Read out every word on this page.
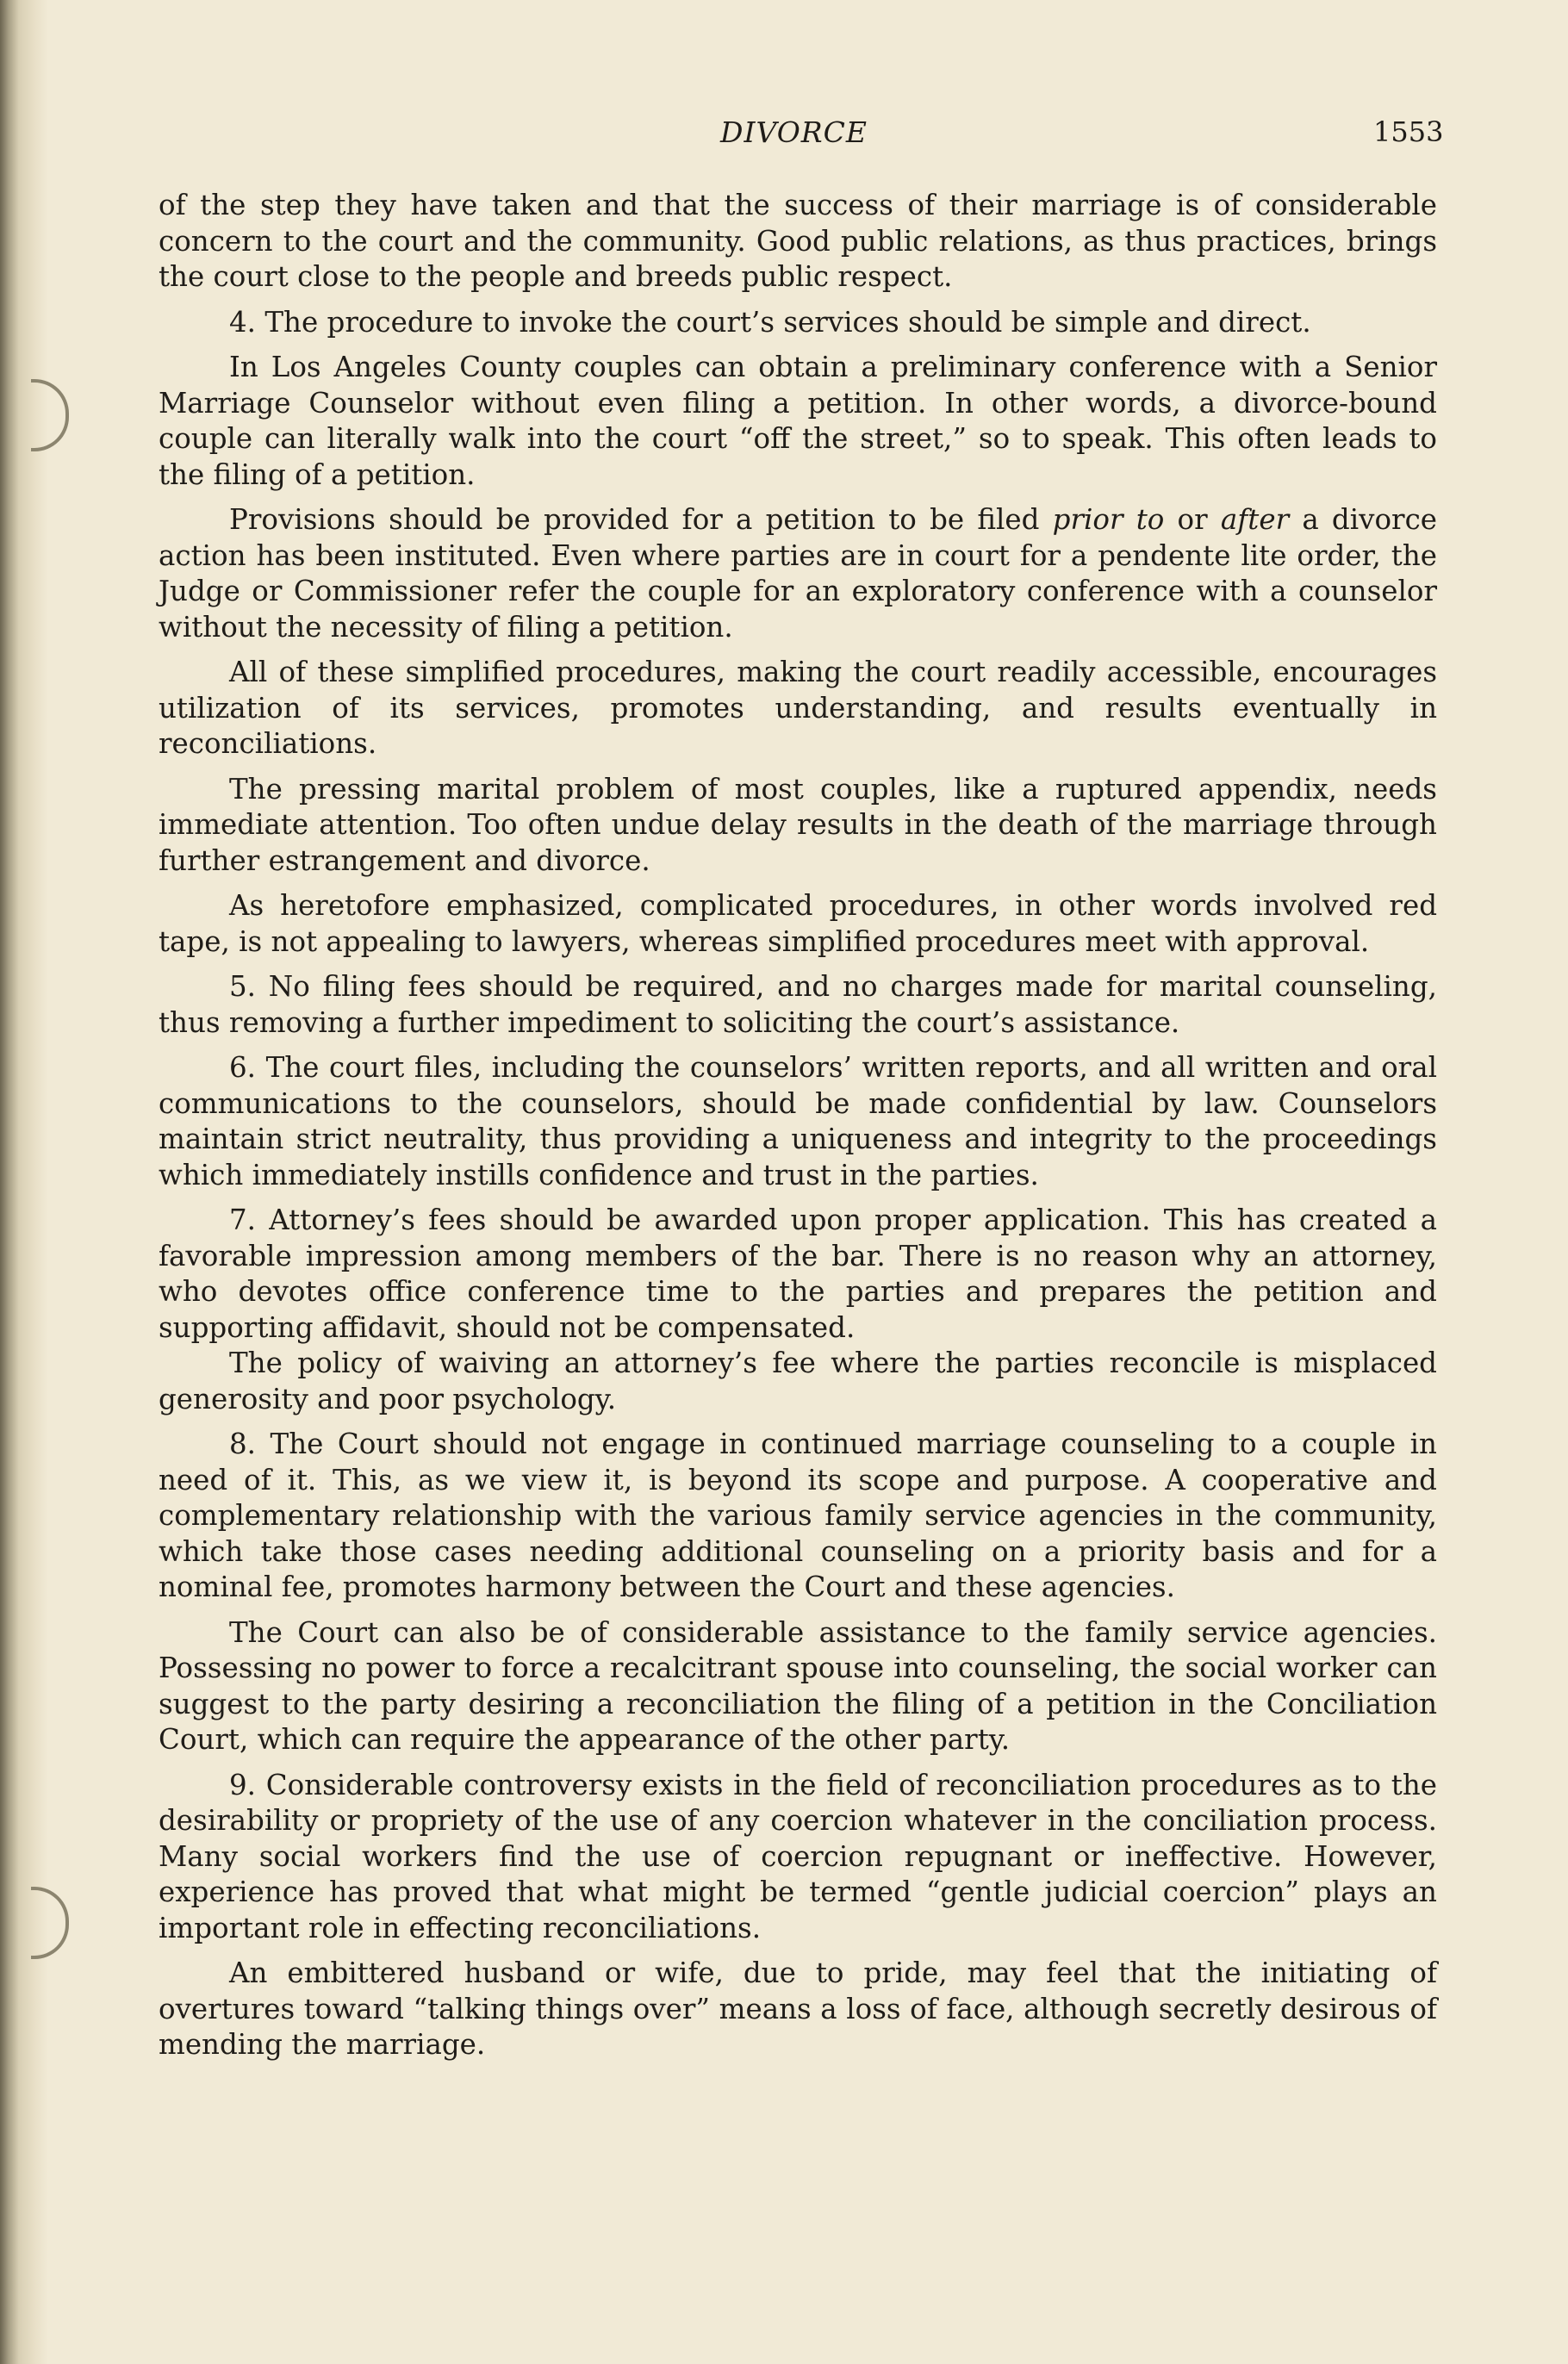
DIVORCE	1553

of the step they have taken and that the success of their marriage is of considerable concern to the court and the community. Good public relations, as thus practices, brings the court close to the people and breeds public respect.

4. The procedure to invoke the court’s services should be simple and direct.

In Los Angeles County couples can obtain a preliminary conference with a Senior Marriage Counselor without even filing a petition. In other words, a divorce-bound couple can literally walk into the court “off the street,” so to speak. This often leads to the filing of a petition.

Provisions should be provided for a petition to be filed prior to or after a divorce action has been instituted. Even where parties are in court for a pendente lite order, the Judge or Commissioner refer the couple for an exploratory conference with a counselor without the necessity of filing a petition.

All of these simplified procedures, making the court readily accessible, encourages utilization of its services, promotes understanding, and results eventually in reconciliations.

The pressing marital problem of most couples, like a ruptured appendix, needs immediate attention. Too often undue delay results in the death of the marriage through further estrangement and divorce.

As heretofore emphasized, complicated procedures, in other words involved red tape, is not appealing to lawyers, whereas simplified procedures meet with approval.

5. No filing fees should be required, and no charges made for marital counseling, thus removing a further impediment to soliciting the court’s assistance.

6. The court files, including the counselors’ written reports, and all written and oral communications to the counselors, should be made confidential by law. Counselors maintain strict neutrality, thus providing a uniqueness and integrity to the proceedings which immediately instills confidence and trust in the parties.

7. Attorney’s fees should be awarded upon proper application. This has created a favorable impression among members of the bar. There is no reason why an attorney, who devotes office conference time to the parties and prepares the petition and supporting affidavit, should not be compensated.

The policy of waiving an attorney’s fee where the parties reconcile is misplaced generosity and poor psychology.

8. The Court should not engage in continued marriage counseling to a couple in need of it. This, as we view it, is beyond its scope and purpose. A cooperative and complementary relationship with the various family service agencies in the community, which take those cases needing additional counseling on a priority basis and for a nominal fee, promotes harmony between the Court and these agencies.

The Court can also be of considerable assistance to the family service agencies. Possessing no power to force a recalcitrant spouse into counseling, the social worker can suggest to the party desiring a reconciliation the filing of a petition in the Conciliation Court, which can require the appearance of the other party.

9. Considerable controversy exists in the field of reconciliation procedures as to the desirability or propriety of the use of any coercion whatever in the conciliation process. Many social workers find the use of coercion repugnant or ineffective. However, experience has proved that what might be termed “gentle judicial coercion” plays an important role in effecting reconciliations.

An embittered husband or wife, due to pride, may feel that the initiating of overtures toward “talking things over” means a loss of face, although secretly desirous of mending the marriage.
